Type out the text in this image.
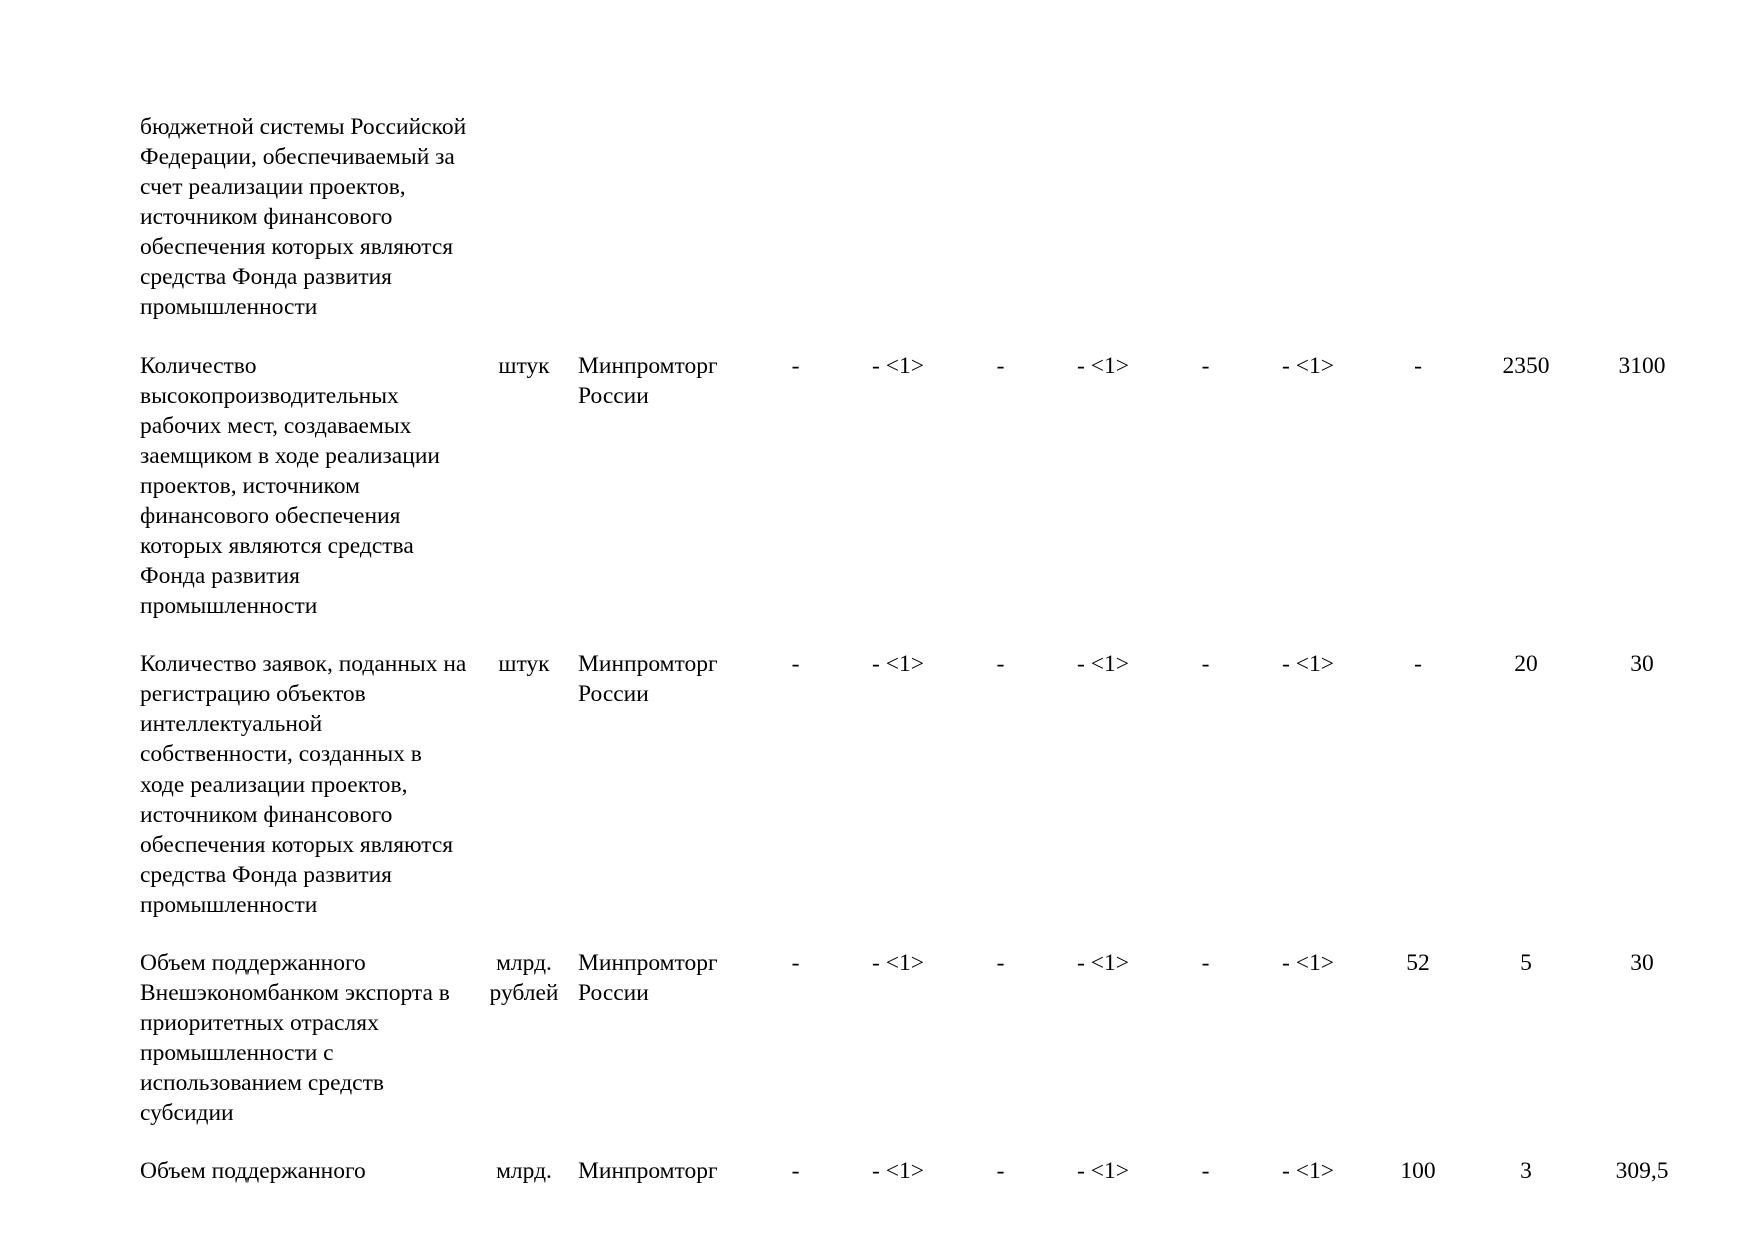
бюджетной системы Российской Федерации, обеспечиваемый за счет реализации проектов, источником финансового обеспечения которых являются средства Фонда развития промышленности											
Количество высокопроизводительных рабочих мест, создаваемых заемщиком в ходе реализации проектов, источником финансового обеспечения которых являются средства Фонда развития промышленности	штук	Минпромторг России	-	- <1>	-	- <1>	-	- <1>	-	2350	3100
Количество заявок, поданных на регистрацию объектов интеллектуальной собственности, созданных в ходе реализации проектов, источником финансового обеспечения которых являются средства Фонда развития промышленности	штук	Минпромторг России	-	- <1>	-	- <1>	-	- <1>	-	20	30
Объем поддержанного Внешэкономбанком экспорта в приоритетных отраслях промышленности с использованием средств субсидии	млрд. рублей	Минпромторг России	-	- <1>	-	- <1>	-	- <1>	52	5	30
Объем поддержанного	млрд.	Минпромторг	-	- <1>	-	- <1>	-	- <1>	100	3	309,5
